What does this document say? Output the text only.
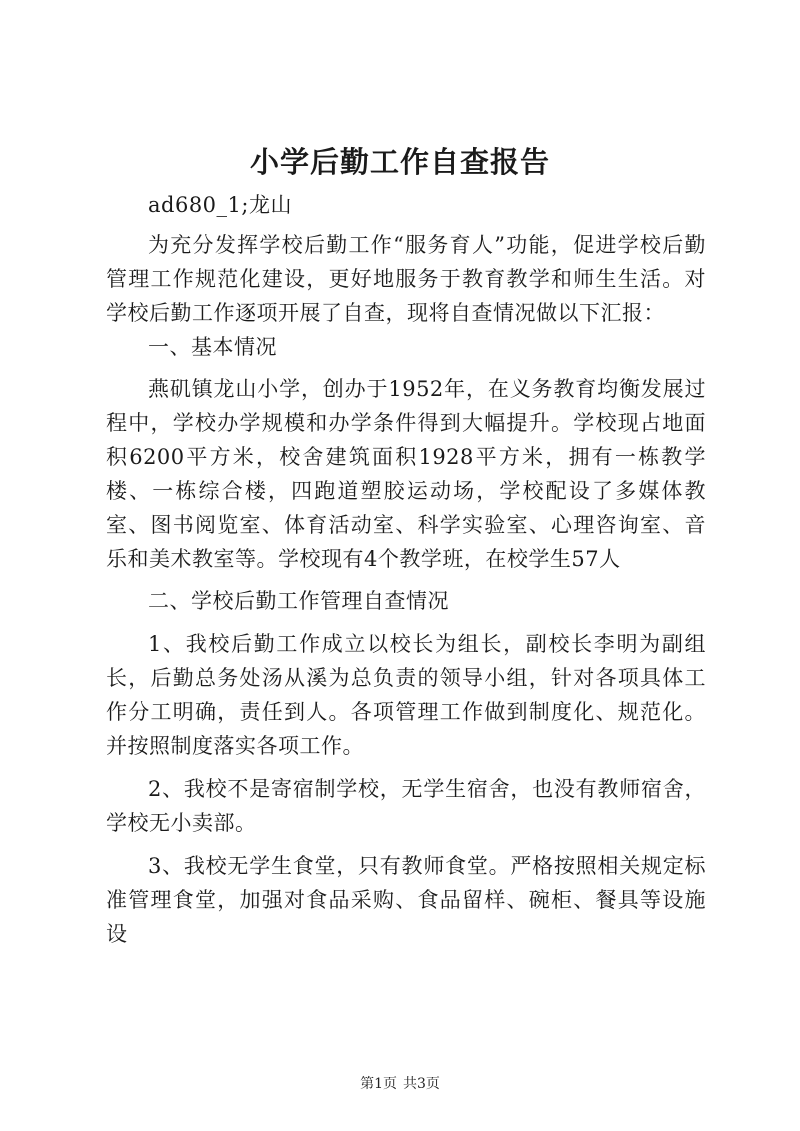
小学后勤工作自查报告

ad680_1;龙山

为充分发挥学校后勤工作“服务育人”功能，促进学校后勤管理工作规范化建设，更好地服务于教育教学和师生生活。对学校后勤工作逐项开展了自查，现将自查情况做以下汇报：

一、基本情况

燕矶镇龙山小学，创办于1952年，在义务教育均衡发展过程中，学校办学规模和办学条件得到大幅提升。学校现占地面积6200平方米，校舍建筑面积1928平方米，拥有一栋教学楼、一栋综合楼，四跑道塑胶运动场，学校配设了多媒体教室、图书阅览室、体育活动室、科学实验室、心理咨询室、音乐和美术教室等。学校现有4个教学班，在校学生57人

二、学校后勤工作管理自查情况

1、我校后勤工作成立以校长为组长，副校长李明为副组长，后勤总务处汤从溪为总负责的领导小组，针对各项具体工作分工明确，责任到人。各项管理工作做到制度化、规范化。并按照制度落实各项工作。

2、我校不是寄宿制学校，无学生宿舍，也没有教师宿舍，学校无小卖部。

3、我校无学生食堂，只有教师食堂。严格按照相关规定标准管理食堂，加强对食品采购、食品留样、碗柜、餐具等设施设

第1页 共3页
